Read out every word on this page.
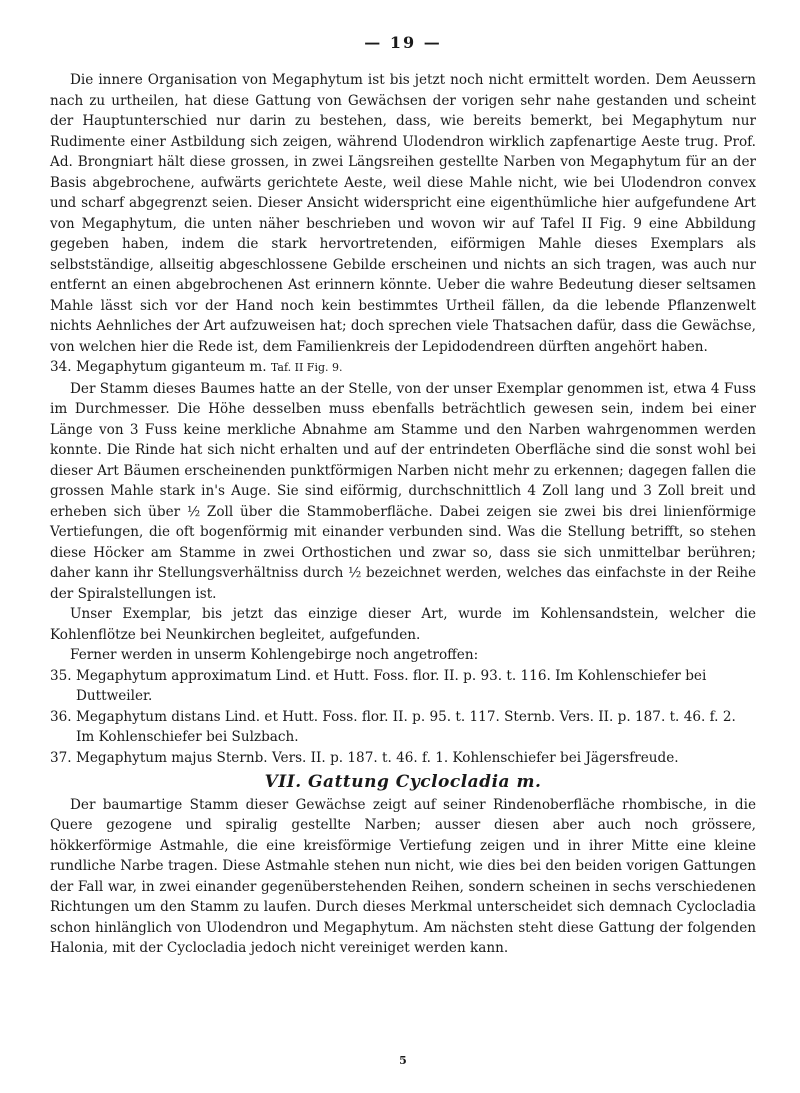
— 19 —

Die innere Organisation von Megaphytum ist bis jetzt noch nicht ermittelt worden. Dem Aeussern nach zu urtheilen, hat diese Gattung von Gewächsen der vorigen sehr nahe gestanden und scheint der Hauptunterschied nur darin zu bestehen, dass, wie bereits bemerkt, bei Megaphytum nur Rudimente einer Astbildung sich zeigen, während Ulodendron wirklich zapfenartige Aeste trug. Prof. Ad. Brongniart hält diese grossen, in zwei Längsreihen gestellte Narben von Megaphytum für an der Basis abgebrochene, aufwärts gerichtete Aeste, weil diese Mahle nicht, wie bei Ulodendron convex und scharf abgegrenzt seien. Dieser Ansicht widerspricht eine eigenthümliche hier aufgefundene Art von Megaphytum, die unten näher beschrieben und wovon wir auf Tafel II Fig. 9 eine Abbildung gegeben haben, indem die stark hervortretenden, eiförmigen Mahle dieses Exemplars als selbstständige, allseitig abgeschlossene Gebilde erscheinen und nichts an sich tragen, was auch nur entfernt an einen abgebrochenen Ast erinnern könnte. Ueber die wahre Bedeutung dieser seltsamen Mahle lässt sich vor der Hand noch kein bestimmtes Urtheil fällen, da die lebende Pflanzenwelt nichts Aehnliches der Art aufzuweisen hat; doch sprechen viele Thatsachen dafür, dass die Gewächse, von welchen hier die Rede ist, dem Familienkreis der Lepidodendreen dürften angehört haben.

34. Megaphytum giganteum m. Taf. II Fig. 9.

Der Stamm dieses Baumes hatte an der Stelle, von der unser Exemplar genommen ist, etwa 4 Fuss im Durchmesser. Die Höhe desselben muss ebenfalls beträchtlich gewesen sein, indem bei einer Länge von 3 Fuss keine merkliche Abnahme am Stamme und den Narben wahrgenommen werden konnte. Die Rinde hat sich nicht erhalten und auf der entrindeten Oberfläche sind die sonst wohl bei dieser Art Bäumen erscheinenden punktförmigen Narben nicht mehr zu erkennen; dagegen fallen die grossen Mahle stark in's Auge. Sie sind eiförmig, durchschnittlich 4 Zoll lang und 3 Zoll breit und erheben sich über ½ Zoll über die Stammoberfläche. Dabei zeigen sie zwei bis drei linienförmige Vertiefungen, die oft bogenförmig mit einander verbunden sind. Was die Stellung betrifft, so stehen diese Höcker am Stamme in zwei Orthostichen und zwar so, dass sie sich unmittelbar berühren; daher kann ihr Stellungsverhältniss durch ½ bezeichnet werden, welches das einfachste in der Reihe der Spiralstellungen ist.

Unser Exemplar, bis jetzt das einzige dieser Art, wurde im Kohlensandstein, welcher die Kohlenflötze bei Neunkirchen begleitet, aufgefunden.

Ferner werden in unserm Kohlengebirge noch angetroffen:

35. Megaphytum approximatum Lind. et Hutt. Foss. flor. II. p. 93. t. 116. Im Kohlenschiefer bei Duttweiler.
36. Megaphytum distans Lind. et Hutt. Foss. flor. II. p. 95. t. 117. Sternb. Vers. II. p. 187. t. 46. f. 2. Im Kohlenschiefer bei Sulzbach.
37. Megaphytum majus Sternb. Vers. II. p. 187. t. 46. f. 1. Kohlenschiefer bei Jägersfreude.
VII. Gattung Cyclocladia m.

Der baumartige Stamm dieser Gewächse zeigt auf seiner Rindenoberfläche rhombische, in die Quere gezogene und spiralig gestellte Narben; ausser diesen aber auch noch grössere, hökkerförmige Astmahle, die eine kreisförmige Vertiefung zeigen und in ihrer Mitte eine kleine rundliche Narbe tragen. Diese Astmahle stehen nun nicht, wie dies bei den beiden vorigen Gattungen der Fall war, in zwei einander gegenüberstehenden Reihen, sondern scheinen in sechs verschiedenen Richtungen um den Stamm zu laufen. Durch dieses Merkmal unterscheidet sich demnach Cyclocladia schon hinlänglich von Ulodendron und Megaphytum. Am nächsten steht diese Gattung der folgenden Halonia, mit der Cyclocladia jedoch nicht vereiniget werden kann.

5
